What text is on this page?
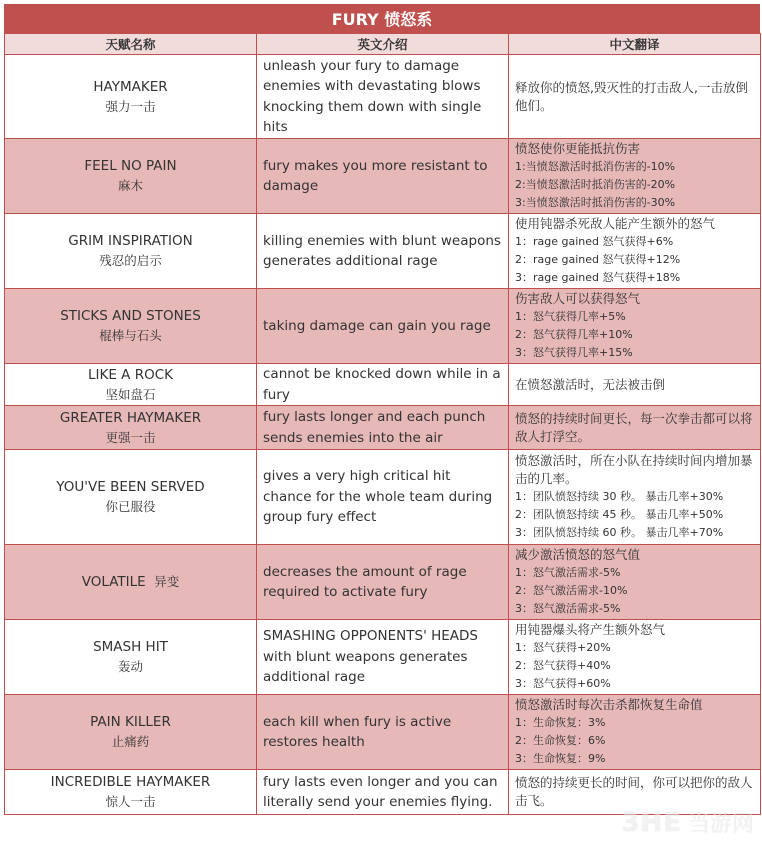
FURY 愤怒系
天赋名称	英文介绍	中文翻译

HAYMAKER
强力一击	unleash your fury to damage enemies with devastating blows knocking them down with single hits	释放你的愤怒,毁灭性的打击敌人,一击放倒他们。

FEEL NO PAIN
麻木	fury makes you more resistant to damage	愤怒使你更能抵抗伤害
1:当愤怒激活时抵消伤害的-10%
2:当愤怒激活时抵消伤害的-20%
3:当愤怒激活时抵消伤害的-30%

GRIM INSPIRATION
残忍的启示	killing enemies with blunt weapons generates additional rage	使用钝器杀死敌人能产生额外的怒气
1：rage gained 怒气获得+6%
2：rage gained 怒气获得+12%
3：rage gained 怒气获得+18%

STICKS AND STONES
棍棒与石头	taking damage can gain you rage	伤害敌人可以获得怒气
1：怒气获得几率+5%
2：怒气获得几率+10%
3：怒气获得几率+15%

LIKE A ROCK
坚如盘石	cannot be knocked down while in a fury	在愤怒激活时，无法被击倒

GREATER HAYMAKER
更强一击	fury lasts longer and each punch sends enemies into the air	愤怒的持续时间更长，每一次拳击都可以将敌人打浮空。

YOU'VE BEEN SERVED
你已服役	gives a very high critical hit chance for the whole team during group fury effect	愤怒激活时，所在小队在持续时间内增加暴击的几率。
1：团队愤怒持续 30 秒。 暴击几率+30%
2：团队愤怒持续 45 秒。 暴击几率+50%
3：团队愤怒持续 60 秒。 暴击几率+70%

VOLATILE 异变	decreases the amount of rage required to activate fury	减少激活愤怒的怒气值
1：怒气激活需求-5%
2：怒气激活需求-10%
3：怒气激活需求-5%

SMASH HIT
轰动	SMASHING OPPONENTS' HEADS with blunt weapons generates additional rage	用钝器爆头将产生额外怒气
1：怒气获得+20%
2：怒气获得+40%
3：怒气获得+60%

PAIN KILLER
止痛药	each kill when fury is active restores health	愤怒激活时每次击杀都恢复生命值
1：生命恢复：3%
2：生命恢复：6%
3：生命恢复：9%

INCREDIBLE HAYMAKER
惊人一击	fury lasts even longer and you can literally send your enemies flying.	愤怒的持续更长的时间，你可以把你的敌人击飞。
3HE 当游网
